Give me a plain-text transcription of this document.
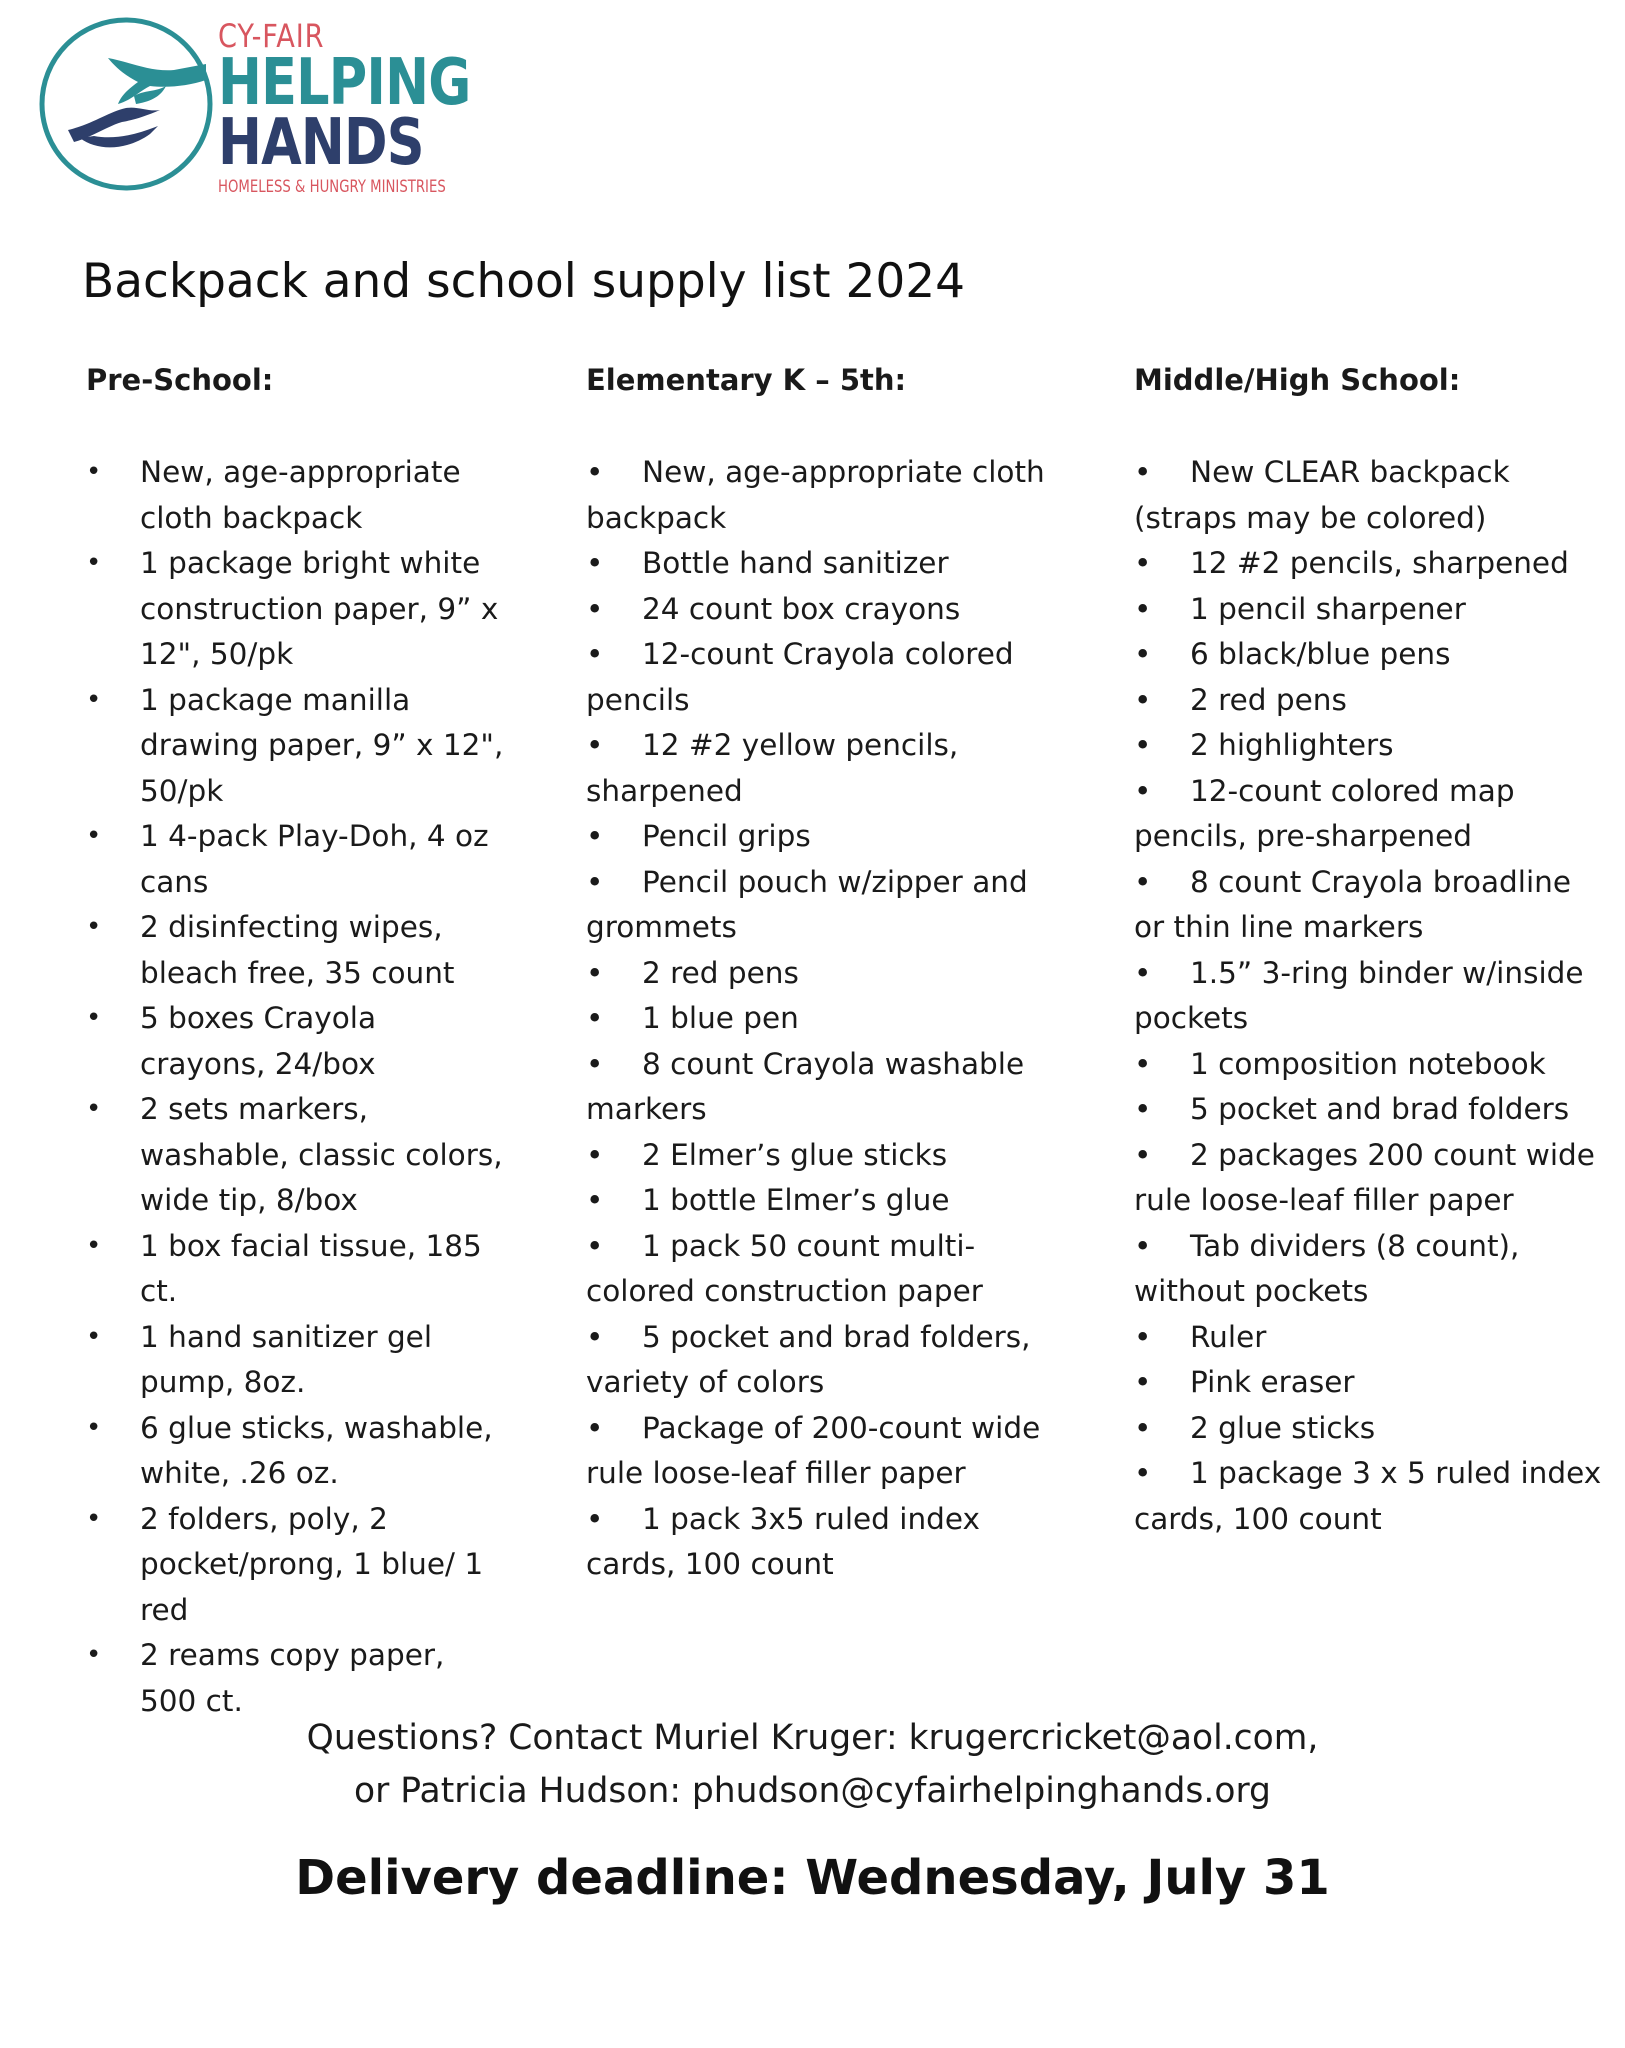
CY-FAIR
HELPING
HANDS
HOMELESS & HUNGRY MINISTRIES
Backpack and school supply list 2024
Pre-School:
• New, age-appropriate cloth backpack
• 1 package bright white construction paper, 9” x 12", 50/pk
• 1 package manilla drawing paper, 9” x 12", 50/pk
• 1 4-pack Play-Doh, 4 oz cans
• 2 disinfecting wipes, bleach free, 35 count
• 5 boxes Crayola crayons, 24/box
• 2 sets markers, washable, classic colors, wide tip, 8/box
• 1 box facial tissue, 185 ct.
• 1 hand sanitizer gel pump, 8oz.
• 6 glue sticks, washable, white, .26 oz.
• 2 folders, poly, 2 pocket/prong, 1 blue/ 1 red
• 2 reams copy paper, 500 ct.
Elementary K – 5th:
• New, age-appropriate cloth backpack
• Bottle hand sanitizer
• 24 count box crayons
• 12-count Crayola colored pencils
• 12 #2 yellow pencils, sharpened
• Pencil grips
• Pencil pouch w/zipper and grommets
• 2 red pens
• 1 blue pen
• 8 count Crayola washable markers
• 2 Elmer’s glue sticks
• 1 bottle Elmer’s glue
• 1 pack 50 count multi-colored construction paper
• 5 pocket and brad folders, variety of colors
• Package of 200-count wide rule loose-leaf filler paper
• 1 pack 3x5 ruled index cards, 100 count
Middle/High School:
• New CLEAR backpack (straps may be colored)
• 12 #2 pencils, sharpened
• 1 pencil sharpener
• 6 black/blue pens
• 2 red pens
• 2 highlighters
• 12-count colored map pencils, pre-sharpened
• 8 count Crayola broadline or thin line markers
• 1.5” 3-ring binder w/inside pockets
• 1 composition notebook
• 5 pocket and brad folders
• 2 packages 200 count wide rule loose-leaf filler paper
• Tab dividers (8 count), without pockets
• Ruler
• Pink eraser
• 2 glue sticks
• 1 package 3 x 5 ruled index cards, 100 count
Questions? Contact Muriel Kruger: krugercricket@aol.com,
or Patricia Hudson: phudson@cyfairhelpinghands.org
Delivery deadline: Wednesday, July 31
